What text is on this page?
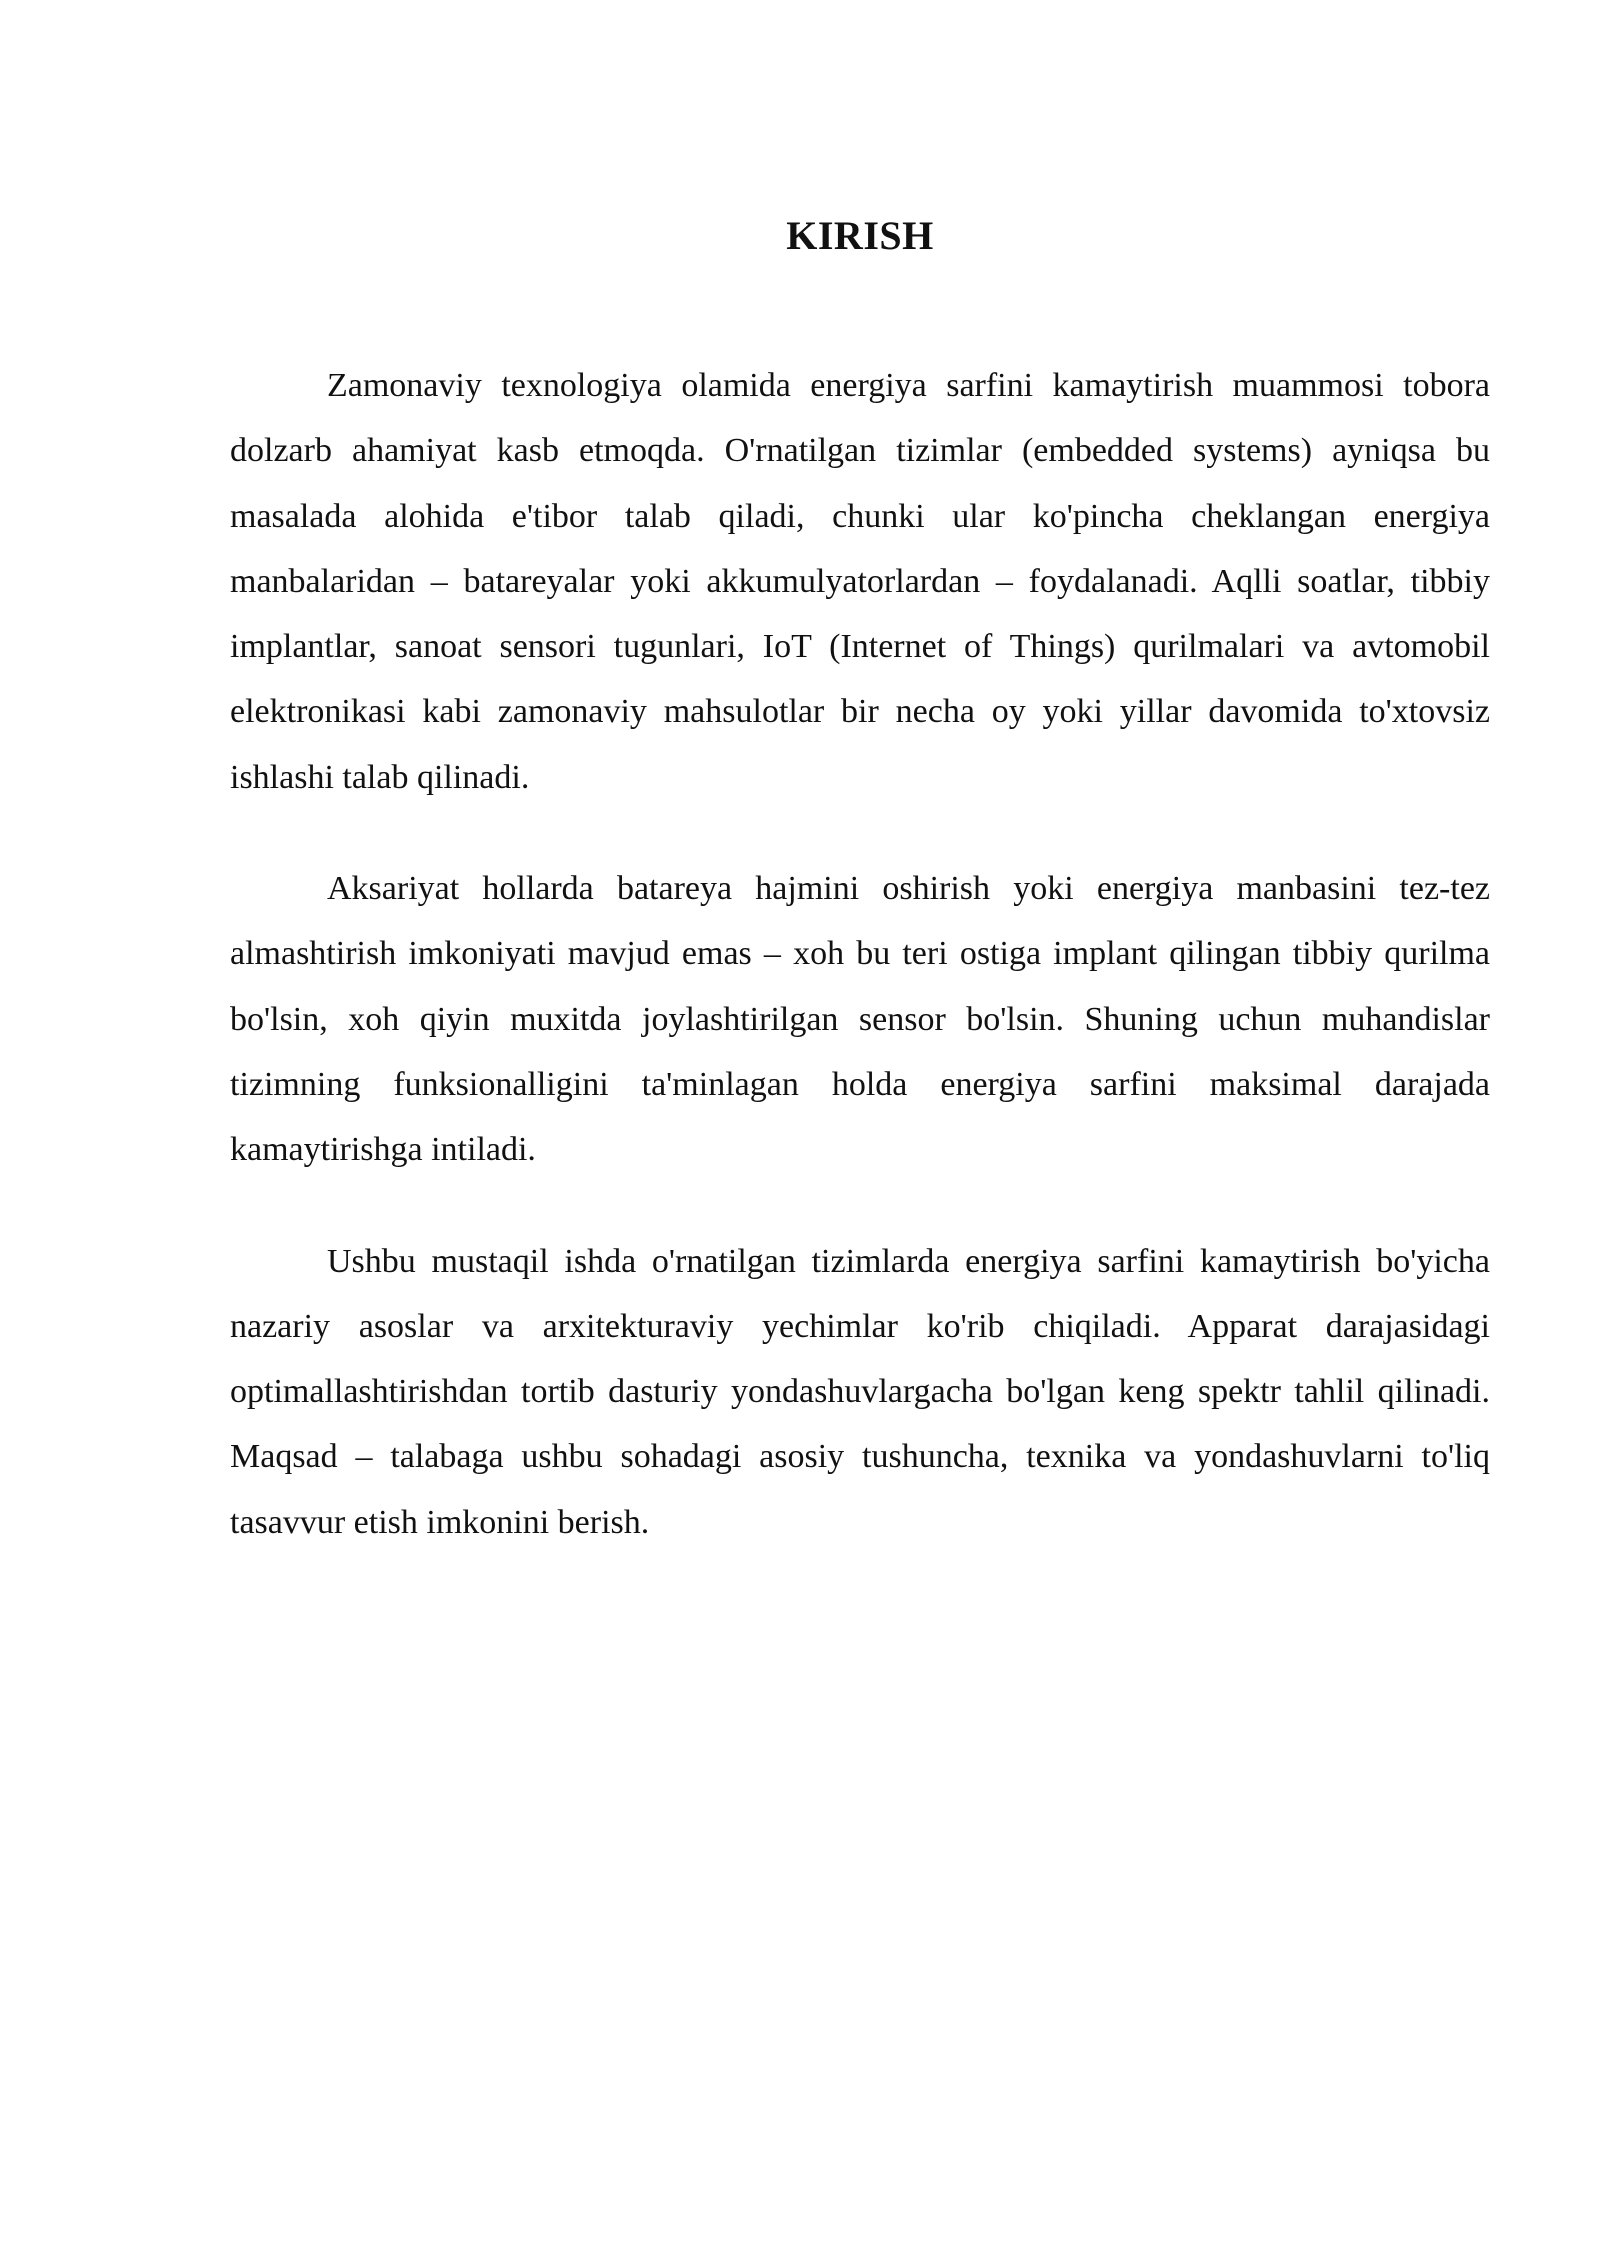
KIRISH

Zamonaviy texnologiya olamida energiya sarfini kamaytirish muammosi tobora dolzarb ahamiyat kasb etmoqda. O'rnatilgan tizimlar (embedded systems) ayniqsa bu masalada alohida e'tibor talab qiladi, chunki ular ko'pincha cheklangan energiya manbalaridan – batareyalar yoki akkumulyatorlardan – foydalanadi. Aqlli soatlar, tibbiy implantlar, sanoat sensori tugunlari, IoT (Internet of Things) qurilmalari va avtomobil elektronikasi kabi zamonaviy mahsulotlar bir necha oy yoki yillar davomida to'xtovsiz ishlashi talab qilinadi.

Aksariyat hollarda batareya hajmini oshirish yoki energiya manbasini tez-tez almashtirish imkoniyati mavjud emas – xoh bu teri ostiga implant qilingan tibbiy qurilma bo'lsin, xoh qiyin muxitda joylashtirilgan sensor bo'lsin. Shuning uchun muhandislar tizimning funksionalligini ta'minlagan holda energiya sarfini maksimal darajada kamaytirishga intiladi.

Ushbu mustaqil ishda o'rnatilgan tizimlarda energiya sarfini kamaytirish bo'yicha nazariy asoslar va arxitekturaviy yechimlar ko'rib chiqiladi. Apparat darajasidagi optimallashtirishdan tortib dasturiy yondashuvlargacha bo'lgan keng spektr tahlil qilinadi. Maqsad – talabaga ushbu sohadagi asosiy tushuncha, texnika va yondashuvlarni to'liq tasavvur etish imkonini berish.
